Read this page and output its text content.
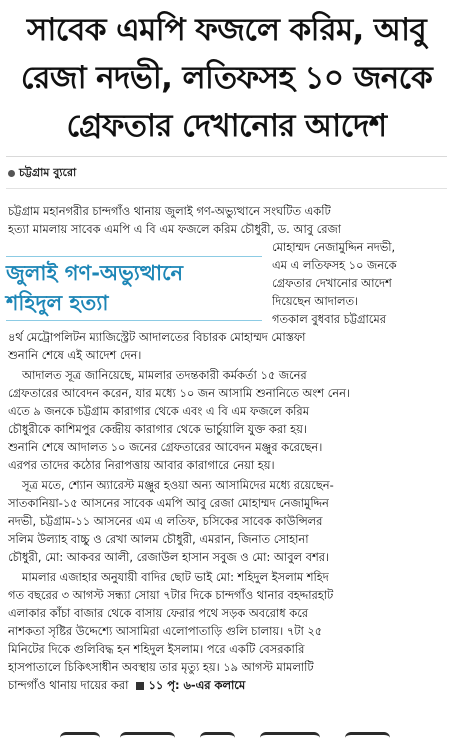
সাবেক এমপি ফজলে করিম, আবু
রেজা নদভী, লতিফসহ ১০ জনকে
গ্রেফতার দেখানোর আদেশ
চট্টগ্রাম ব্যুরো
চট্টগ্রাম মহানগরীর চান্দগাঁও থানায় জুলাই গণ-অভ্যুত্থানে সংঘটিত একটি
হত্যা মামলায় সাবেক এমপি এ বি এম ফজলে করিম চৌধুরী, ড. আবু রেজা
মোহাম্মদ নেজামুদ্দিন নদভী,
এম এ লতিফসহ ১০ জনকে
গ্রেফতার দেখানোর আদেশ
দিয়েছেন আদালত।
গতকাল বুধবার চট্টগ্রামের
৪র্থ মেট্রোপলিটন ম্যাজিস্ট্রেট আদালতের বিচারক মোহাম্মদ মোস্তফা
শুনানি শেষে এই আদেশ দেন।
আদালত সূত্র জানিয়েছে, মামলার তদন্তকারী কর্মকর্তা ১৫ জনের
গ্রেফতারের আবেদন করেন, যার মধ্যে ১০ জন আসামি শুনানিতে অংশ নেন।
এতে ৯ জনকে চট্টগ্রাম কারাগার থেকে এবং এ বি এম ফজলে করিম
চৌধুরীকে কাশিমপুর কেন্দ্রীয় কারাগার থেকে ভার্চুয়ালি যুক্ত করা হয়।
শুনানি শেষে আদালত ১০ জনের গ্রেফতারের আবেদন মঞ্জুর করেছেন।
এরপর তাদের কঠোর নিরাপত্তায় আবার কারাগারে নেয়া হয়।
সূত্র মতে, শ্যোন অ্যারেস্ট মঞ্জুর হওয়া অন্য আসামিদের মধ্যে রয়েছেন-
সাতকানিয়া-১৫ আসনের সাবেক এমপি আবু রেজা মোহাম্মদ নেজামুদ্দিন
নদভী, চট্টগ্রাম-১১ আসনের এম এ লতিফ, চসিকের সাবেক কাউন্সিলর
সলিম উল্যাহ বাচ্চু ও রেখা আলম চৌধুরী, এমরান, জিনাত সোহানা
চৌধুরী, মো: আকবর আলী, রেজাউল হাসান সবুজ ও মো: আবুল বশর।
মামলার এজাহার অনুযায়ী বাদির ছোট ভাই মো: শহিদুল ইসলাম শহিদ
গত বছরের ৩ আগস্ট সন্ধ্যা সোয়া ৭টার দিকে চান্দগাঁও থানার বহদ্দারহাট
এলাকার কাঁচা বাজার থেকে বাসায় ফেরার পথে সড়ক অবরোধ করে
নাশকতা সৃষ্টির উদ্দেশ্যে আসামিরা এলোপাতাড়ি গুলি চালায়। ৭টা ২৫
মিনিটের দিকে গুলিবিদ্ধ হন শহিদুল ইসলাম। পরে একটি বেসরকারি
হাসপাতালে চিকিৎসাধীন অবস্থায় তার মৃত্যু হয়। ১৯ আগস্ট মামলাটি
চান্দগাঁও থানায় দায়ের করা ১১ পৃ: ৬-এর কলামে
জুলাই গণ-অভ্যুত্থানে
শহিদুল হত্যা
